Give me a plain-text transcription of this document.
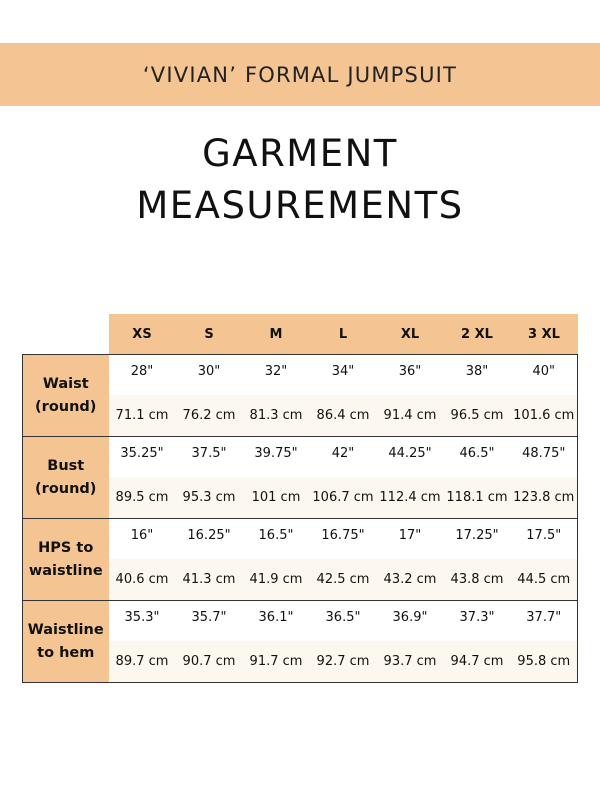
‘VIVIAN’ FORMAL JUMPSUIT
GARMENT
MEASUREMENTS
	XS	S	M	L	XL	2 XL	3 XL

Waist
(round)	28"	30"	32"	34"	36"	38"	40"
	71.1 cm	76.2 cm	81.3 cm	86.4 cm	91.4 cm	96.5 cm	101.6 cm

Bust
(round)	35.25"	37.5"	39.75"	42"	44.25"	46.5"	48.75"
	89.5 cm	95.3 cm	101 cm	106.7 cm	112.4 cm	118.1 cm	123.8 cm

HPS to
waistline	16"	16.25"	16.5"	16.75"	17"	17.25"	17.5"
	40.6 cm	41.3 cm	41.9 cm	42.5 cm	43.2 cm	43.8 cm	44.5 cm

Waistline
to hem	35.3"	35.7"	36.1"	36.5"	36.9"	37.3"	37.7"
	89.7 cm	90.7 cm	91.7 cm	92.7 cm	93.7 cm	94.7 cm	95.8 cm
